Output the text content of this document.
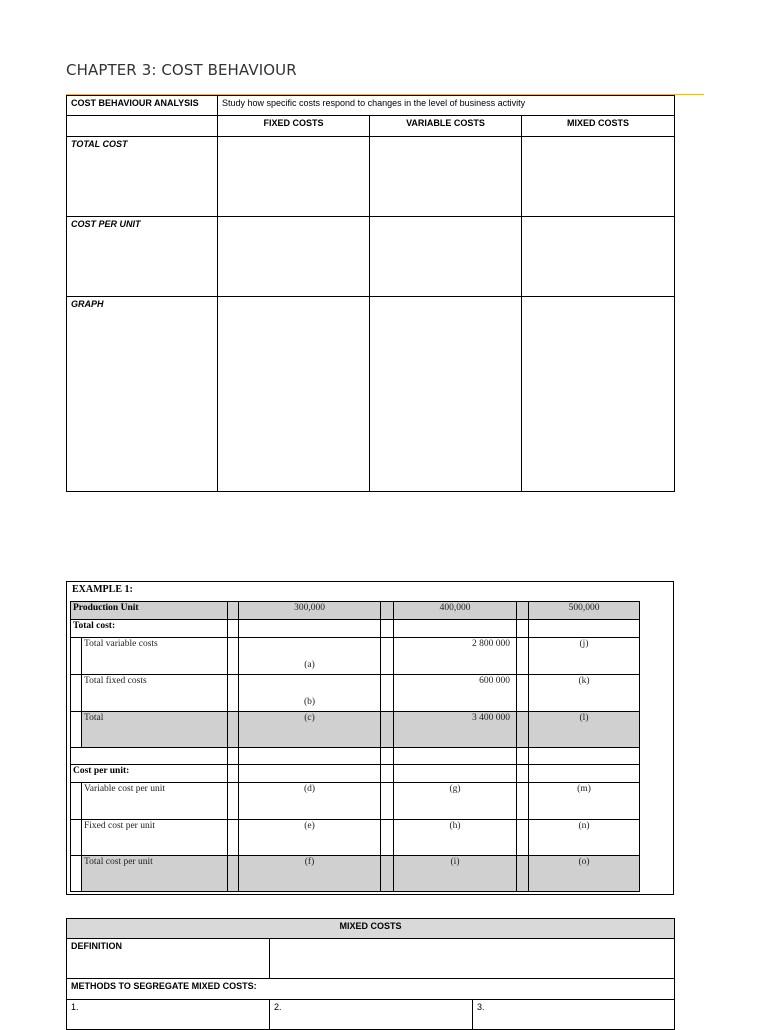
CHAPTER 3: COST BEHAVIOUR
COST BEHAVIOUR ANALYSIS	Study how specific costs respond to changes in the level of business activity		
	FIXED COSTS	VARIABLE COSTS	MIXED COSTS
TOTAL COST			
COST PER UNIT			
GRAPH			
EXAMPLE 1:
Production Unit			300,000		400,000		500,000
Total cost:							
	Total variable costs		(a)		2 800 000		(j)
	Total fixed costs		(b)		600 000		(k)
	Total		(c)		3 400 000		(l)

Cost per unit:							
	Variable cost per unit		(d)		(g)		(m)
	Fixed cost per unit		(e)		(h)		(n)
	Total cost per unit		(f)		(i)		(o)
MIXED COSTS		
DEFINITION		
METHODS TO SEGREGATE MIXED COSTS:		
1.	2.	3.
